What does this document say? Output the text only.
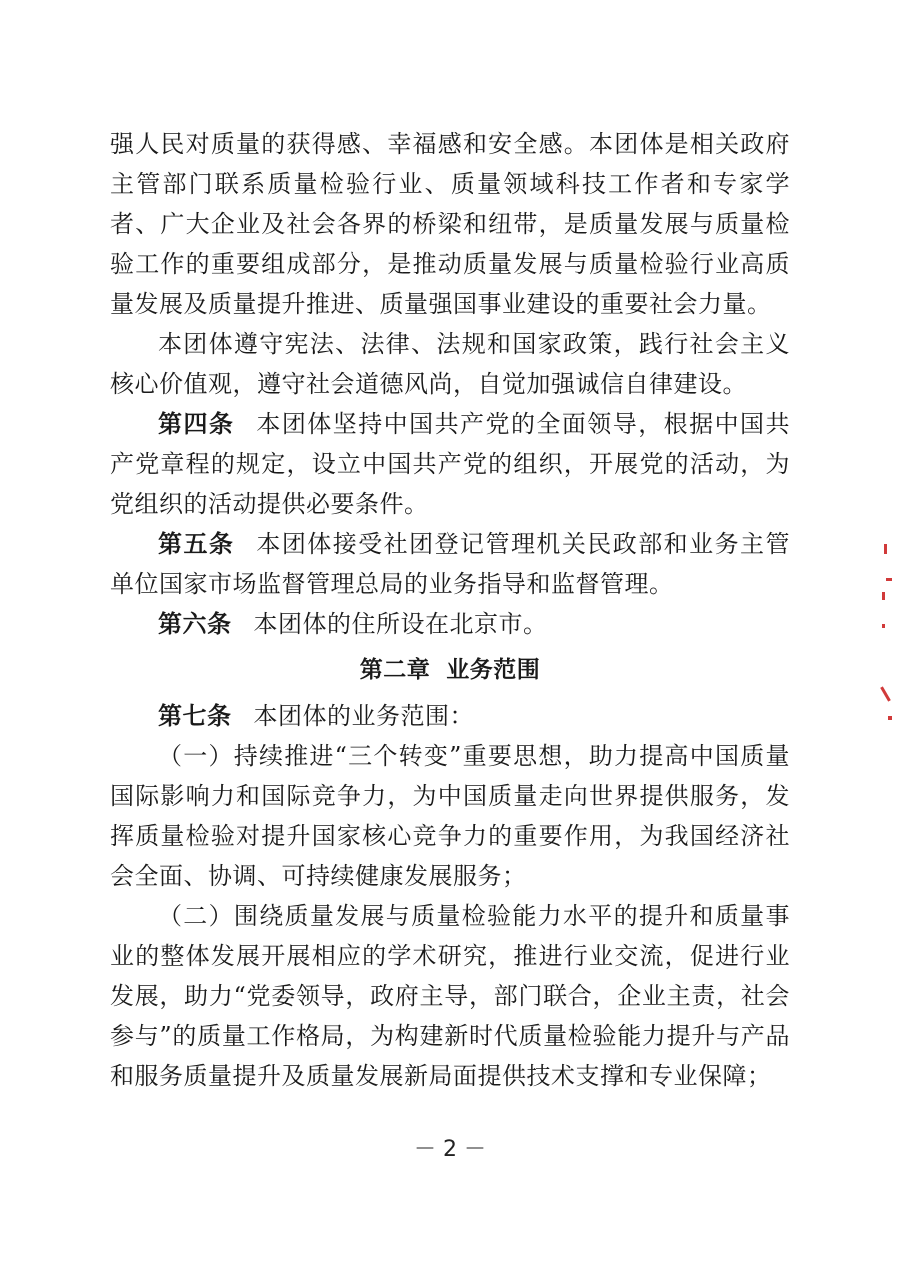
强人民对质量的获得感、幸福感和安全感。本团体是相关政府主管部门联系质量检验行业、质量领域科技工作者和专家学者、广大企业及社会各界的桥梁和纽带，是质量发展与质量检验工作的重要组成部分，是推动质量发展与质量检验行业高质量发展及质量提升推进、质量强国事业建设的重要社会力量。

本团体遵守宪法、法律、法规和国家政策，践行社会主义核心价值观，遵守社会道德风尚，自觉加强诚信自律建设。

第四条 本团体坚持中国共产党的全面领导，根据中国共产党章程的规定，设立中国共产党的组织，开展党的活动，为党组织的活动提供必要条件。

第五条 本团体接受社团登记管理机关民政部和业务主管单位国家市场监督管理总局的业务指导和监督管理。

第六条 本团体的住所设在北京市。

第二章 业务范围

第七条 本团体的业务范围：

（一）持续推进“三个转变”重要思想，助力提高中国质量国际影响力和国际竞争力，为中国质量走向世界提供服务，发挥质量检验对提升国家核心竞争力的重要作用，为我国经济社会全面、协调、可持续健康发展服务；

（二）围绕质量发展与质量检验能力水平的提升和质量事业的整体发展开展相应的学术研究，推进行业交流，促进行业发展，助力“党委领导，政府主导，部门联合，企业主责，社会参与”的质量工作格局，为构建新时代质量检验能力提升与产品和服务质量提升及质量发展新局面提供技术支撑和专业保障；

－ 2 －
